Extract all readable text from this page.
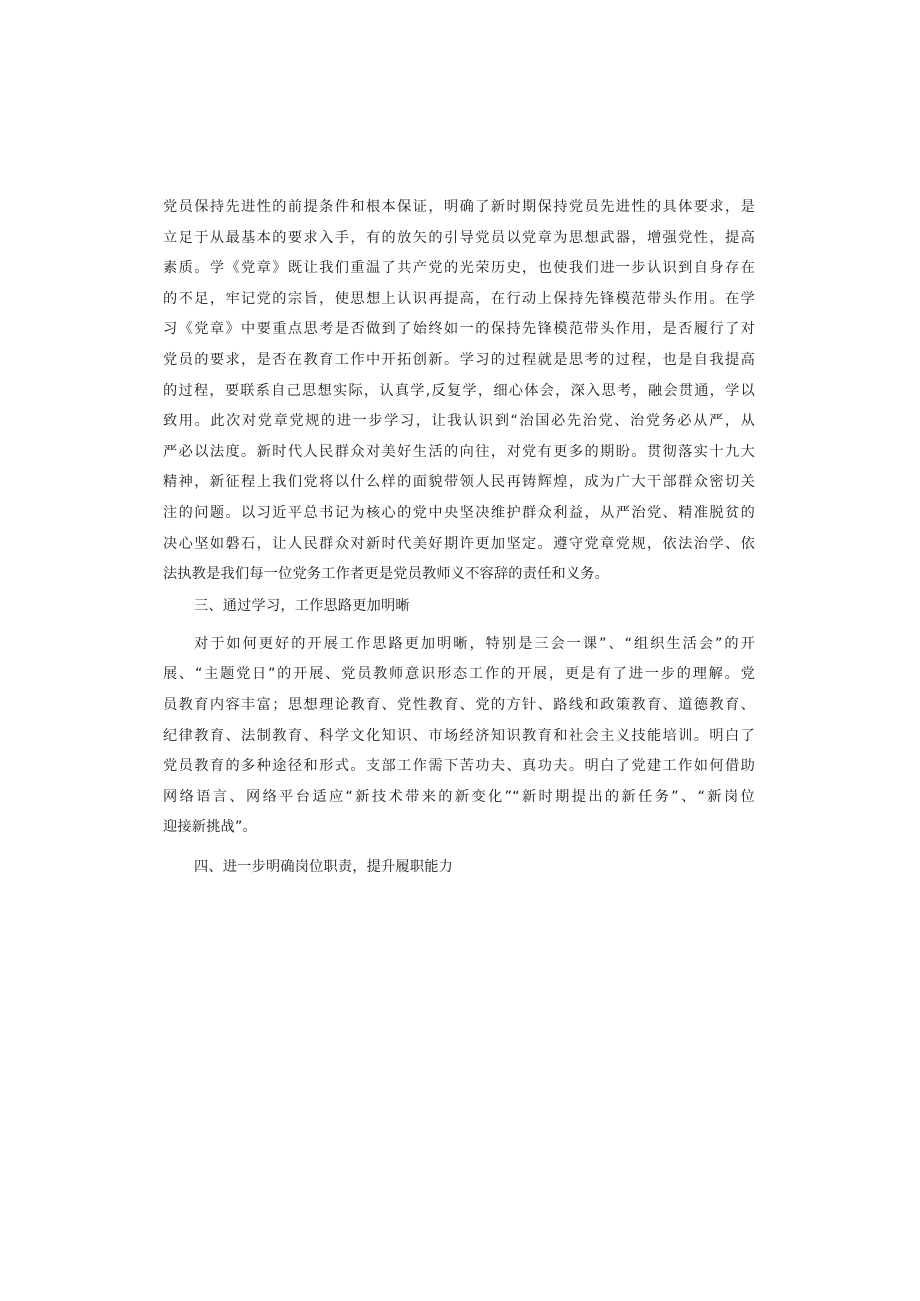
党员保持先进性的前提条件和根本保证，明确了新时期保持党员先进性的具体要求，是
立足于从最基本的要求入手，有的放矢的引导党员以党章为思想武器，增强党性，提高
素质。学《党章》既让我们重温了共产党的光荣历史，也使我们进一步认识到自身存在
的不足，牢记党的宗旨，使思想上认识再提高，在行动上保持先锋模范带头作用。在学
习《党章》中要重点思考是否做到了始终如一的保持先锋模范带头作用，是否履行了对
党员的要求，是否在教育工作中开拓创新。学习的过程就是思考的过程，也是自我提高
的过程，要联系自己思想实际，认真学,反复学，细心体会，深入思考，融会贯通，学以
致用。此次对党章党规的进一步学习，让我认识到“治国必先治党、治党务必从严，从
严必以法度。新时代人民群众对美好生活的向往，对党有更多的期盼。贯彻落实十九大
精神，新征程上我们党将以什么样的面貌带领人民再铸辉煌，成为广大干部群众密切关
注的问题。以习近平总书记为核心的党中央坚决维护群众利益，从严治党、精准脱贫的
决心坚如磐石，让人民群众对新时代美好期许更加坚定。遵守党章党规，依法治学、依
法执教是我们每一位党务工作者更是党员教师义不容辞的责任和义务。
三、通过学习，工作思路更加明晰
对于如何更好的开展工作思路更加明晰，特别是三会一课”、“组织生活会”的开
展、“主题党日”的开展、党员教师意识形态工作的开展，更是有了进一步的理解。党
员教育内容丰富；思想理论教育、党性教育、党的方针、路线和政策教育、道德教育、
纪律教育、法制教育、科学文化知识、市场经济知识教育和社会主义技能培训。明白了
党员教育的多种途径和形式。支部工作需下苦功夫、真功夫。明白了党建工作如何借助
网络语言、网络平台适应“新技术带来的新变化”“新时期提出的新任务”、“新岗位
迎接新挑战”。
四、进一步明确岗位职责，提升履职能力
